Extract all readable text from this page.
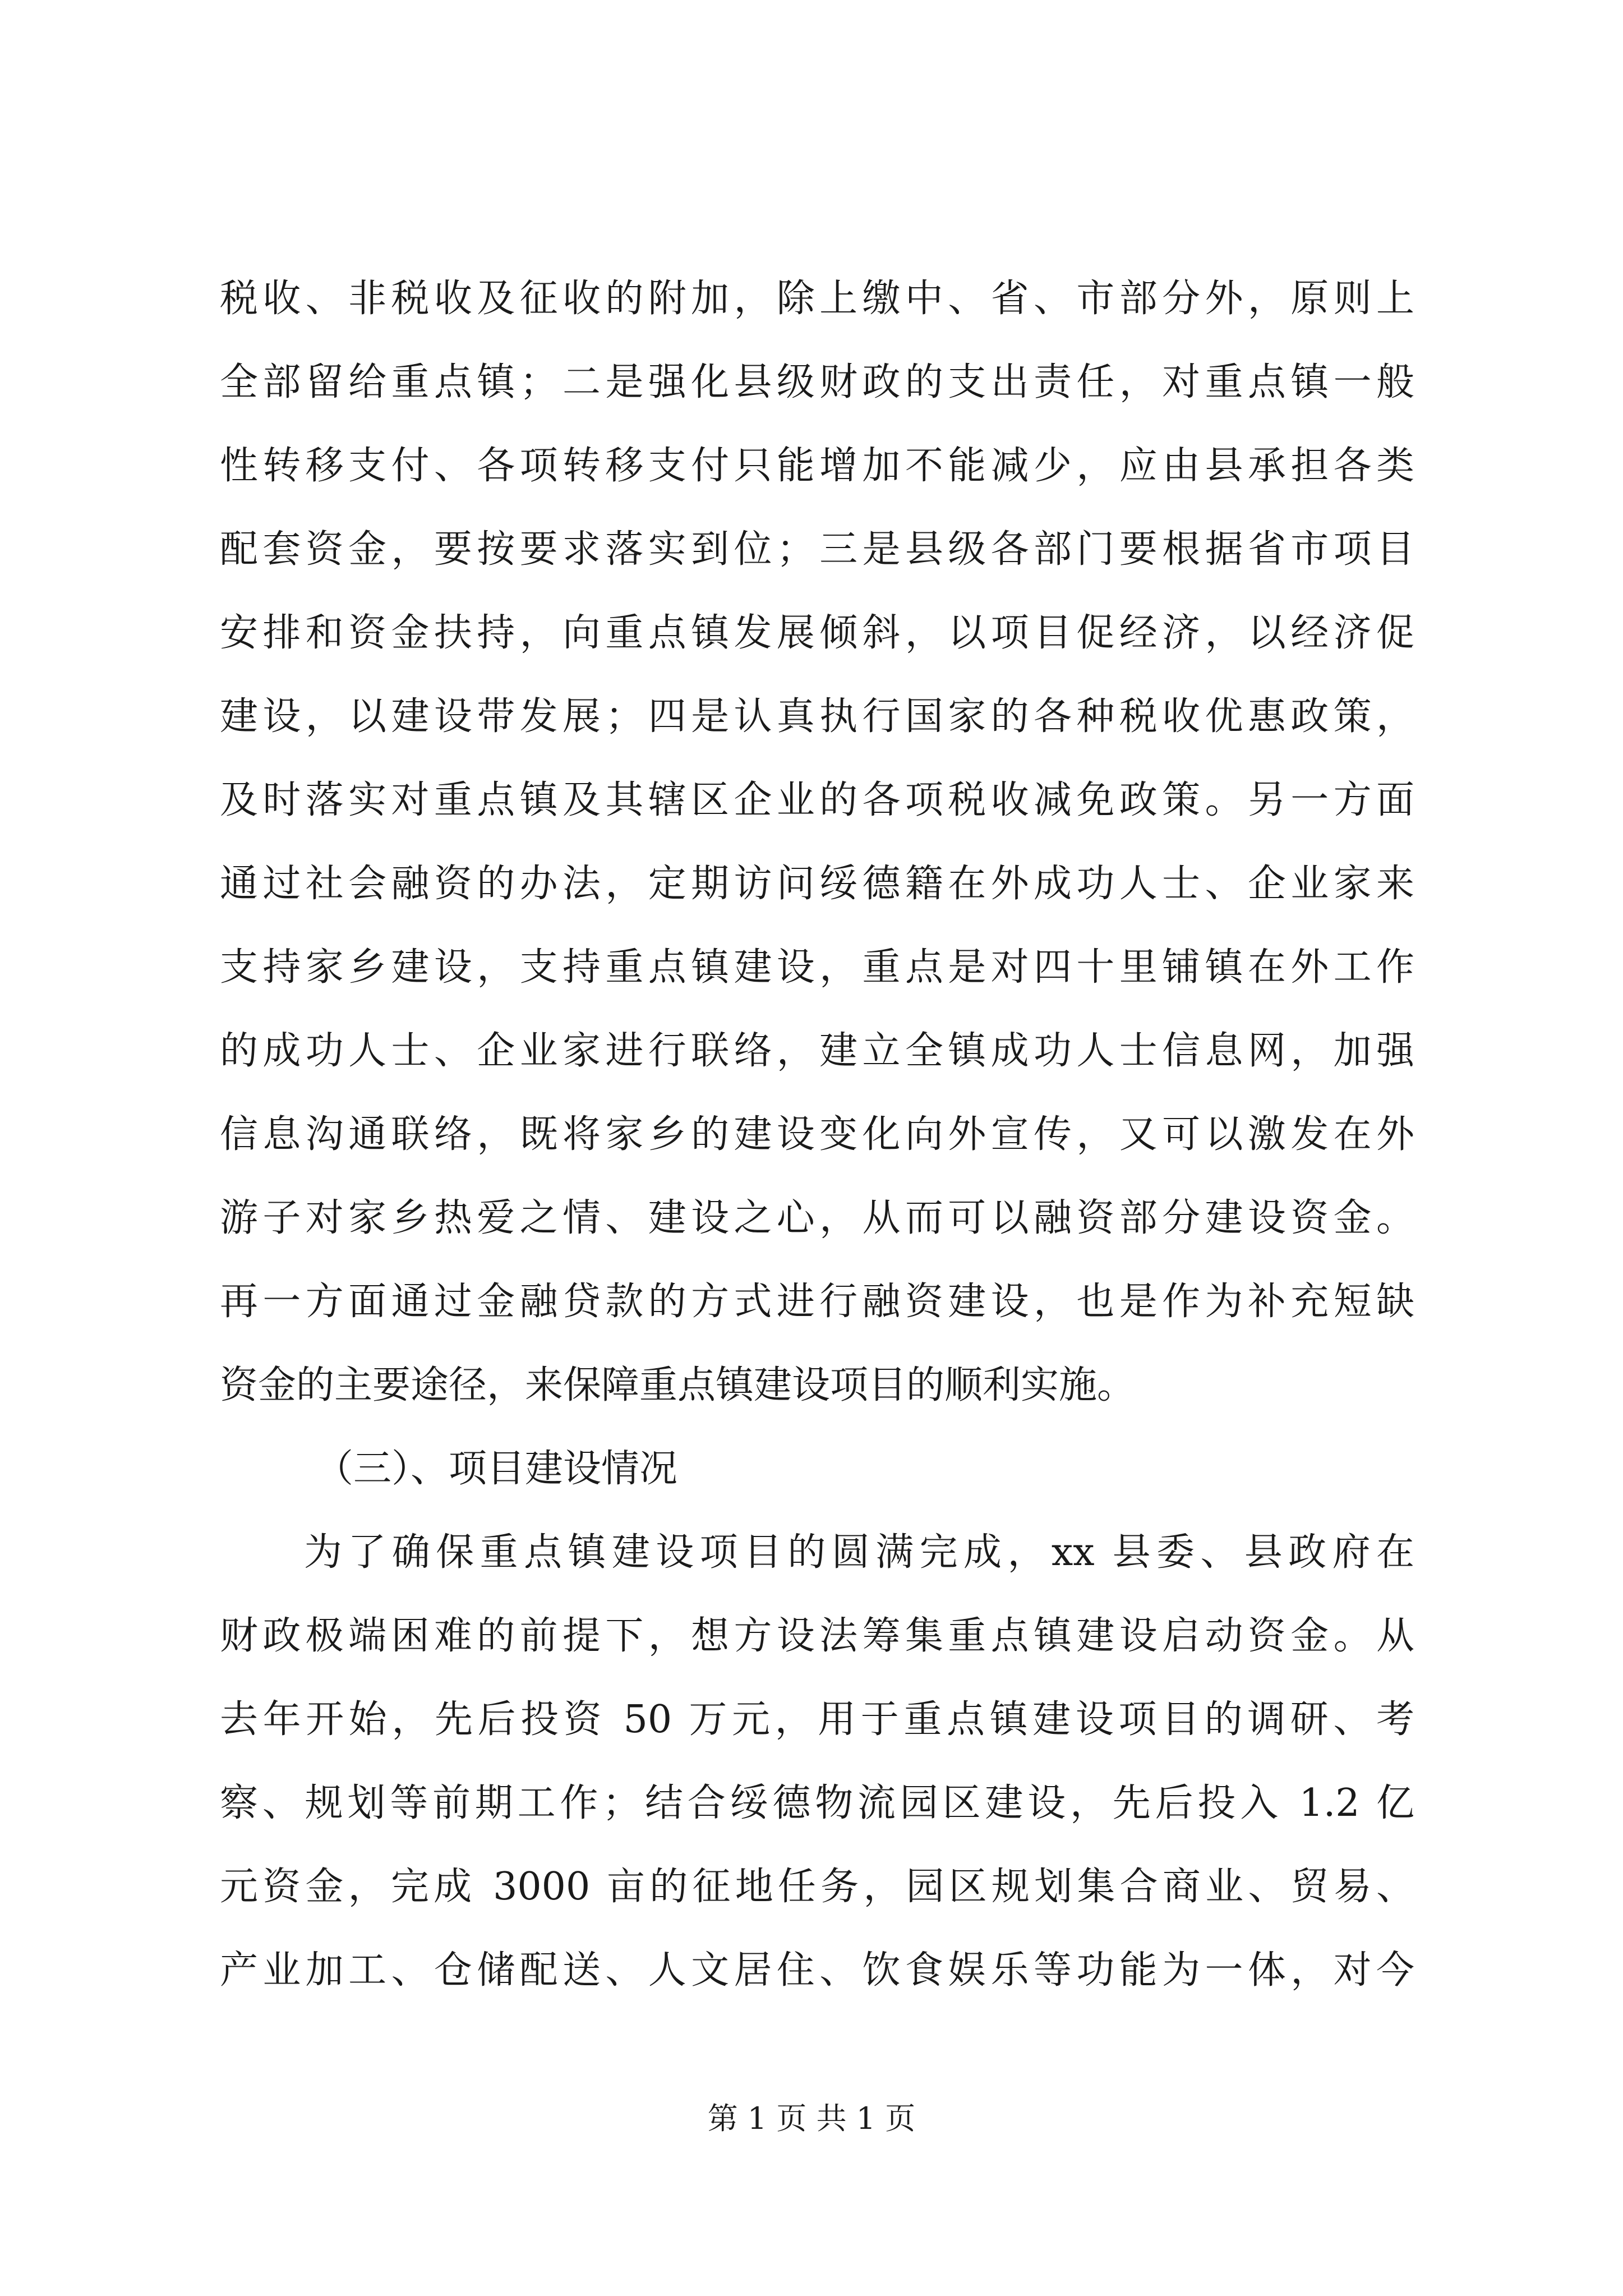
税收、非税收及征收的附加，除上缴中、省、市部分外，原则上
全部留给重点镇；二是强化县级财政的支出责任，对重点镇一般
性转移支付、各项转移支付只能增加不能减少，应由县承担各类
配套资金，要按要求落实到位；三是县级各部门要根据省市项目
安排和资金扶持，向重点镇发展倾斜，以项目促经济，以经济促
建设，以建设带发展；四是认真执行国家的各种税收优惠政策，
及时落实对重点镇及其辖区企业的各项税收减免政策。另一方面
通过社会融资的办法，定期访问绥德籍在外成功人士、企业家来
支持家乡建设，支持重点镇建设，重点是对四十里铺镇在外工作
的成功人士、企业家进行联络，建立全镇成功人士信息网，加强
信息沟通联络，既将家乡的建设变化向外宣传，又可以激发在外
游子对家乡热爱之情、建设之心，从而可以融资部分建设资金。
再一方面通过金融贷款的方式进行融资建设，也是作为补充短缺
资金的主要途径，来保障重点镇建设项目的顺利实施。
（三）、项目建设情况
为了确保重点镇建设项目的圆满完成，xx 县委、县政府在
财政极端困难的前提下，想方设法筹集重点镇建设启动资金。从
去年开始，先后投资 50 万元，用于重点镇建设项目的调研、考
察、规划等前期工作；结合绥德物流园区建设，先后投入 1.2 亿
元资金，完成 3000 亩的征地任务，园区规划集合商业、贸易、
产业加工、仓储配送、人文居住、饮食娱乐等功能为一体，对今
第 1 页 共 1 页
